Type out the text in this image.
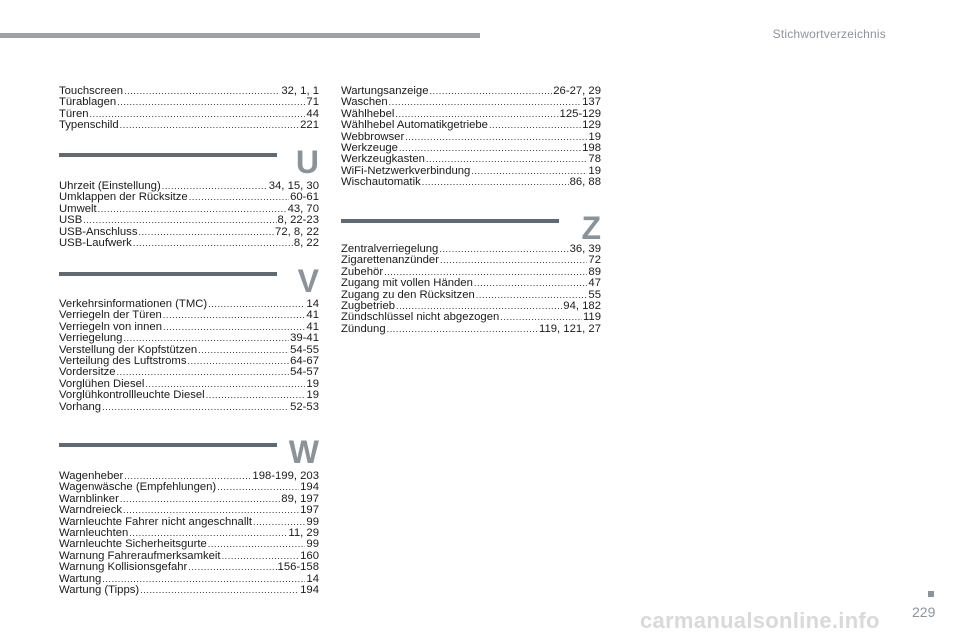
Stichwortverzeichnis
Touchscreen .....	32, 1, 1
Türablagen .....	71
Türen .....	44
Typenschild .....	221
U
Uhrzeit (Einstellung) .....	34, 15, 30
Umklappen der Rücksitze .....	60-61
Umwelt .....	43, 70
USB .....	8, 22-23
USB-Anschluss .....	72, 8, 22
USB-Laufwerk .....	8, 22
V
Verkehrsinformationen (TMC) .....	14
Verriegeln der Türen .....	41
Verriegeln von innen .....	41
Verriegelung .....	39-41
Verstellung der Kopfstützen .....	54-55
Verteilung des Luftstroms .....	64-67
Vordersitze .....	54-57
Vorglühen Diesel .....	19
Vorglühkontrollleuchte Diesel .....	19
Vorhang .....	52-53
W
Wagenheber .....	198-199, 203
Wagenwäsche (Empfehlungen) .....	194
Warnblinker .....	89, 197
Warndreieck .....	197
Warnleuchte Fahrer nicht angeschnallt .....	99
Warnleuchten .....	11, 29
Warnleuchte Sicherheitsgurte .....	99
Warnung Fahreraufmerksamkeit .....	160
Warnung Kollisionsgefahr .....	156-158
Wartung .....	14
Wartung (Tipps) .....	194
Wartungsanzeige .....	26-27, 29
Waschen .....	137
Wählhebel .....	125-129
Wählhebel Automatikgetriebe .....	129
Webbrowser .....	19
Werkzeuge .....	198
Werkzeugkasten .....	78
WiFi-Netzwerkverbindung .....	19
Wischautomatik .....	86, 88
Z
Zentralverriegelung .....	36, 39
Zigarettenanzünder .....	72
Zubehör .....	89
Zugang mit vollen Händen .....	47
Zugang zu den Rücksitzen .....	55
Zugbetrieb .....	94, 182
Zündschlüssel nicht abgezogen .....	119
Zündung .....	119, 121, 27
carmanualsonline.info 229
